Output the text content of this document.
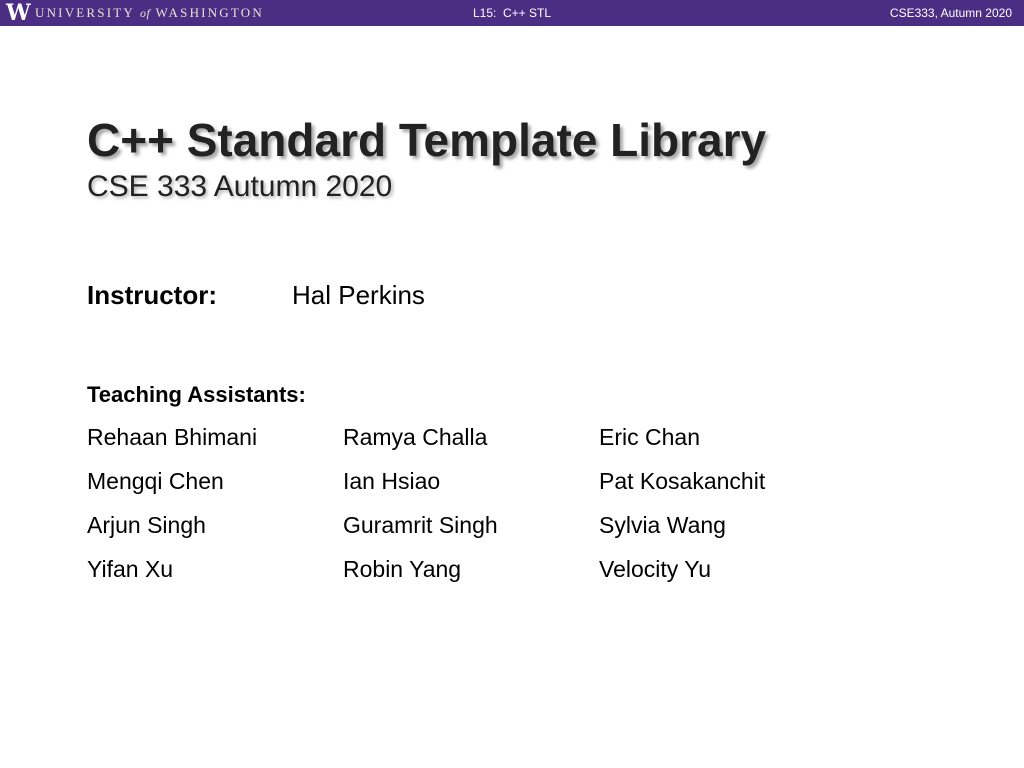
W UNIVERSITY of WASHINGTON	L15:  C++ STL	CSE333, Autumn 2020
C++ Standard Template Library
CSE 333 Autumn 2020
Instructor:	Hal Perkins
Teaching Assistants:
Rehaan Bhimani	Ramya Challa	Eric Chan
Mengqi Chen	Ian Hsiao	Pat Kosakanchit
Arjun Singh	Guramrit Singh	Sylvia Wang
Yifan Xu	Robin Yang	Velocity Yu
